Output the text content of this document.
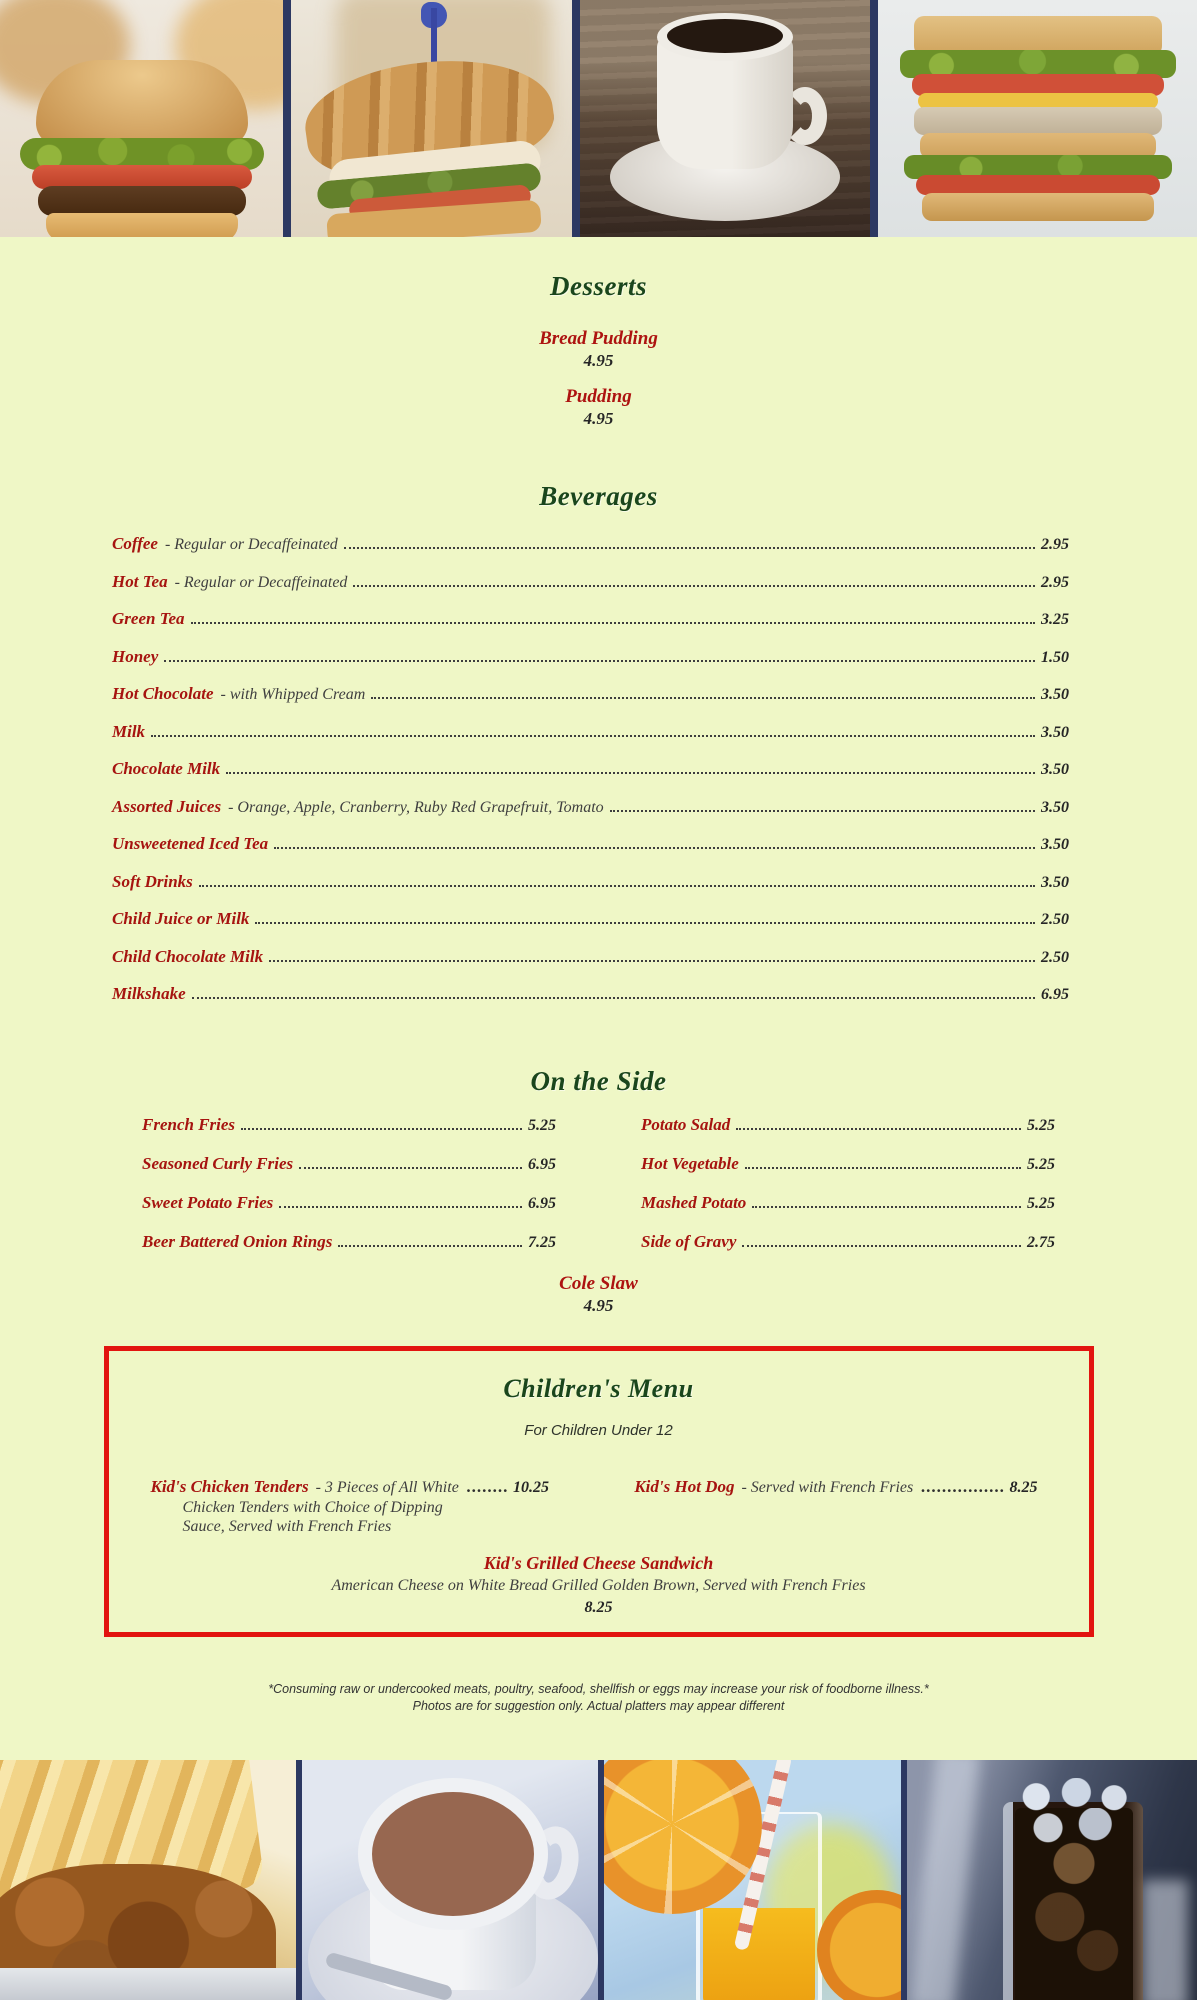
Desserts
Bread Pudding
4.95
Pudding
4.95
Beverages
Coffee - Regular or Decaffeinated	2.95
Hot Tea - Regular or Decaffeinated	2.95
Green Tea	3.25
Honey	1.50
Hot Chocolate - with Whipped Cream	3.50
Milk	3.50
Chocolate Milk	3.50
Assorted Juices - Orange, Apple, Cranberry, Ruby Red Grapefruit, Tomato	3.50
Unsweetened Iced Tea	3.50
Soft Drinks	3.50
Child Juice or Milk	2.50
Child Chocolate Milk	2.50
Milkshake	6.95
On the Side
French Fries	5.25	Potato Salad	5.25
Seasoned Curly Fries	6.95	Hot Vegetable	5.25
Sweet Potato Fries	6.95	Mashed Potato	5.25
Beer Battered Onion Rings	7.25	Side of Gravy	2.75
Cole Slaw
4.95
Children's Menu
For Children Under 12
Kid's Chicken Tenders - 3 Pieces of All White ........ 10.25
Chicken Tenders with Choice of Dipping
Sauce, Served with French Fries
Kid's Hot Dog - Served with French Fries ................ 8.25
Kid's Grilled Cheese Sandwich
American Cheese on White Bread Grilled Golden Brown, Served with French Fries
8.25
*Consuming raw or undercooked meats, poultry, seafood, shellfish or eggs may increase your risk of foodborne illness.*
Photos are for suggestion only. Actual platters may appear different
